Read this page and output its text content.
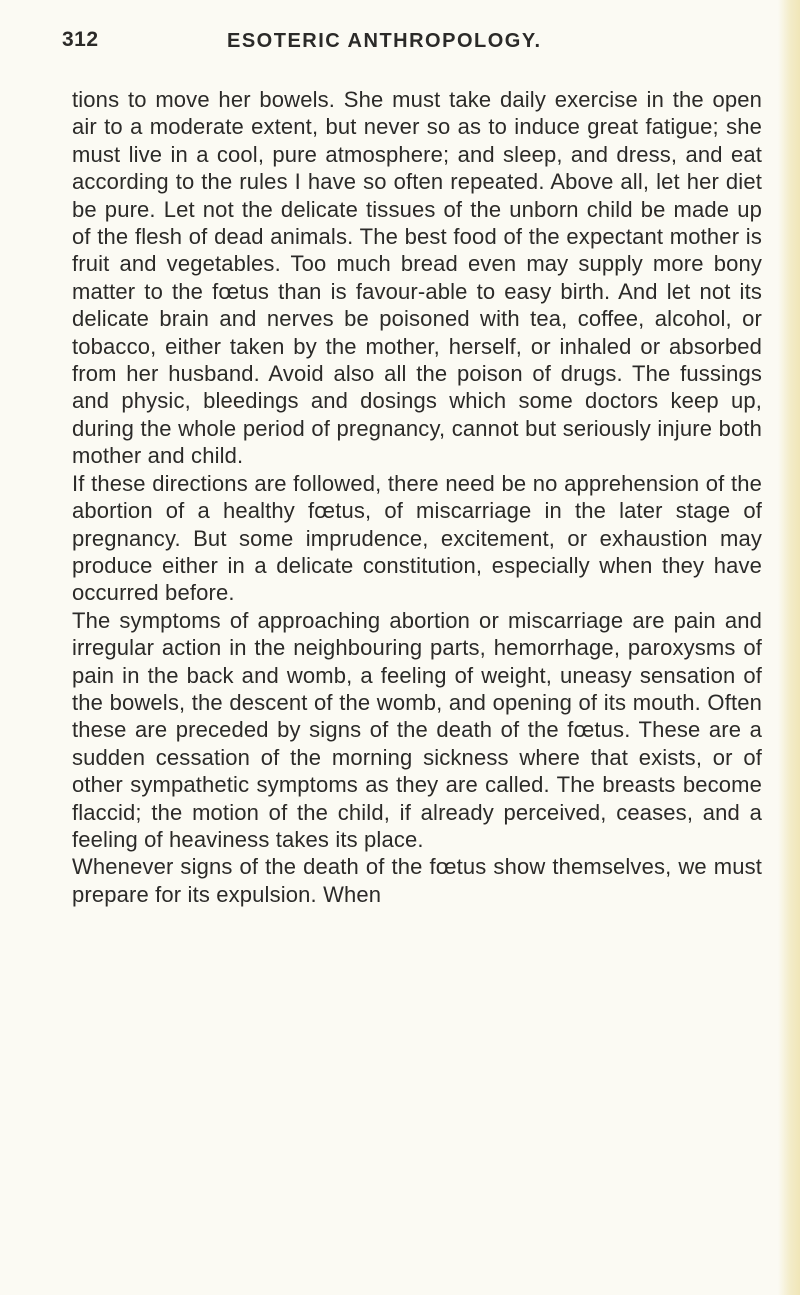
312	ESOTERIC ANTHROPOLOGY.

tions to move her bowels. She must take daily exercise in the open air to a moderate extent, but never so as to induce great fatigue; she must live in a cool, pure atmosphere; and sleep, and dress, and eat according to the rules I have so often repeated. Above all, let her diet be pure. Let not the delicate tissues of the unborn child be made up of the flesh of dead animals. The best food of the expectant mother is fruit and vegetables. Too much bread even may supply more bony matter to the fœtus than is favour-able to easy birth. And let not its delicate brain and nerves be poisoned with tea, coffee, alcohol, or tobacco, either taken by the mother, herself, or inhaled or absorbed from her husband. Avoid also all the poison of drugs. The fussings and physic, bleedings and dosings which some doctors keep up, during the whole period of pregnancy, cannot but seriously injure both mother and child.

If these directions are followed, there need be no apprehension of the abortion of a healthy fœtus, of miscarriage in the later stage of pregnancy. But some imprudence, excitement, or exhaustion may produce either in a delicate constitution, especially when they have occurred before.

The symptoms of approaching abortion or miscarriage are pain and irregular action in the neighbouring parts, hemorrhage, paroxysms of pain in the back and womb, a feeling of weight, uneasy sensation of the bowels, the descent of the womb, and opening of its mouth. Often these are preceded by signs of the death of the fœtus. These are a sudden cessation of the morning sickness where that exists, or of other sympathetic symptoms as they are called. The breasts become flaccid; the motion of the child, if already perceived, ceases, and a feeling of heaviness takes its place.

Whenever signs of the death of the fœtus show themselves, we must prepare for its expulsion. When
